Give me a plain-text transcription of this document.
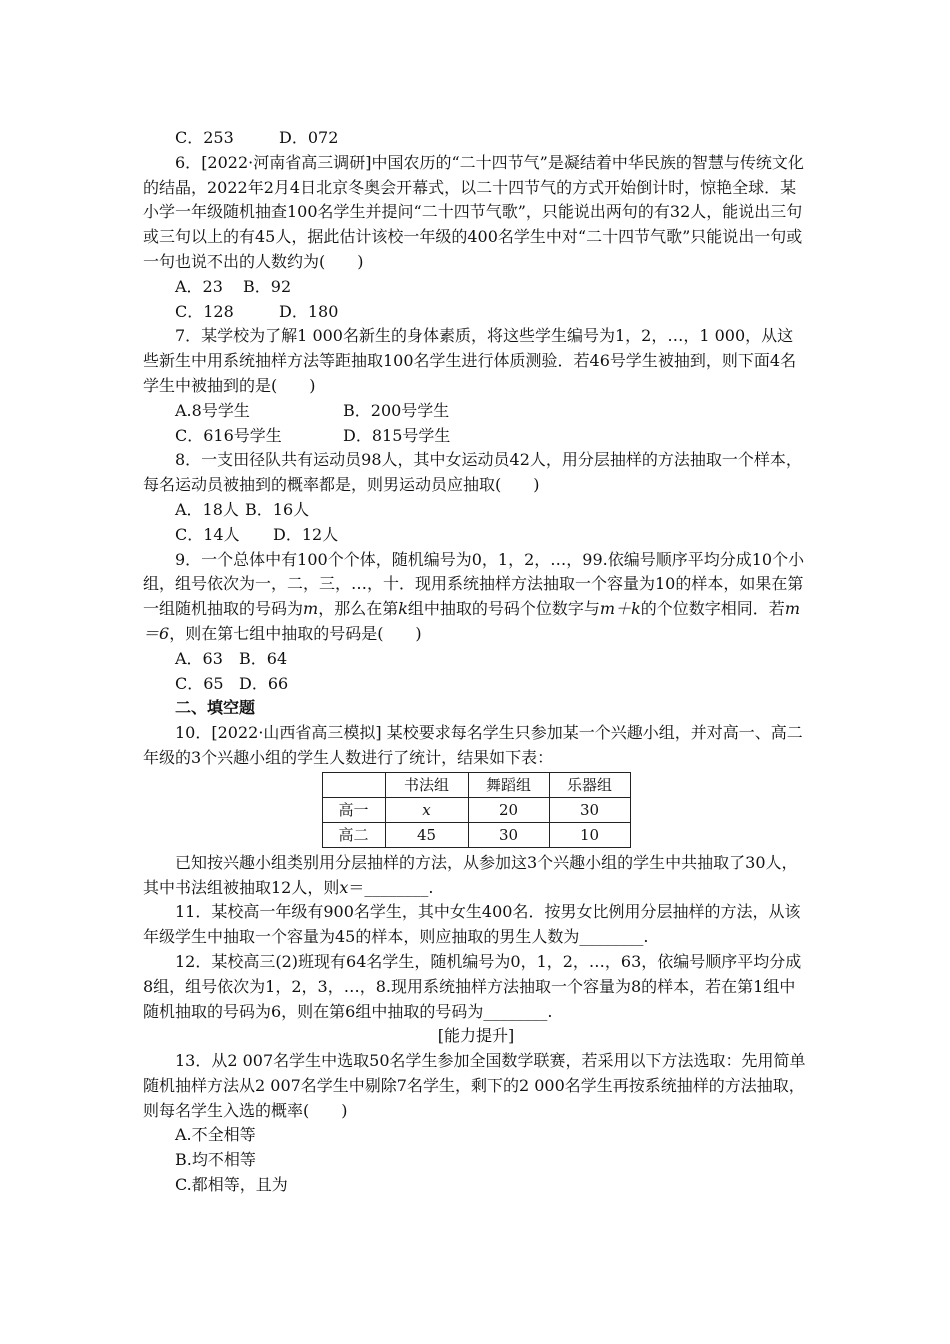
C．253	D．072

6．[2022·河南省高三调研]中国农历的“二十四节气”是凝结着中华民族的智慧与传统文化的结晶，2022年2月4日北京冬奥会开幕式，以二十四节气的方式开始倒计时，惊艳全球．某小学一年级随机抽查100名学生并提问“二十四节气歌”，只能说出两句的有32人，能说出三句或三句以上的有45人，据此估计该校一年级的400名学生中对“二十四节气歌”只能说出一句或一句也说不出的人数约为(　　)

A．23	B．92

C．128	D．180

7．某学校为了解1 000名新生的身体素质，将这些学生编号为1，2，…，1 000，从这些新生中用系统抽样方法等距抽取100名学生进行体质测验．若46号学生被抽到，则下面4名学生中被抽到的是(　　)

A.8号学生	B．200号学生

C．616号学生	D．815号学生

8．一支田径队共有运动员98人，其中女运动员42人，用分层抽样的方法抽取一个样本，每名运动员被抽到的概率都是，则男运动员应抽取(　　)

A．18人 B．16人

C．14人	D．12人

9．一个总体中有100个个体，随机编号为0，1，2，…，99.依编号顺序平均分成10个小组，组号依次为一，二，三，…，十．现用系统抽样方法抽取一个容量为10的样本，如果在第一组随机抽取的号码为m，那么在第k组中抽取的号码个位数字与m＋k的个位数字相同．若m＝6，则在第七组中抽取的号码是(　　)

A．63	B．64

C．65 D．66

二、填空题

10．[2022·山西省高三模拟] 某校要求每名学生只参加某一个兴趣小组，并对高一、高二年级的3个兴趣小组的学生人数进行了统计，结果如下表：

	书法组	舞蹈组	乐器组
高一	x	20	30
高二	45	30	10

已知按兴趣小组类别用分层抽样的方法，从参加这3个兴趣小组的学生中共抽取了30人，其中书法组被抽取12人，则x＝________.

11．某校高一年级有900名学生，其中女生400名．按男女比例用分层抽样的方法，从该年级学生中抽取一个容量为45的样本，则应抽取的男生人数为________.

12．某校高三(2)班现有64名学生，随机编号为0，1，2，…，63，依编号顺序平均分成8组，组号依次为1，2，3，…，8.现用系统抽样方法抽取一个容量为8的样本，若在第1组中随机抽取的号码为6，则在第6组中抽取的号码为________.

[能力提升]

13．从2 007名学生中选取50名学生参加全国数学联赛，若采用以下方法选取：先用简单随机抽样方法从2 007名学生中剔除7名学生，剩下的2 000名学生再按系统抽样的方法抽取，则每名学生入选的概率(　　)

A.不全相等

B.均不相等

C.都相等，且为
